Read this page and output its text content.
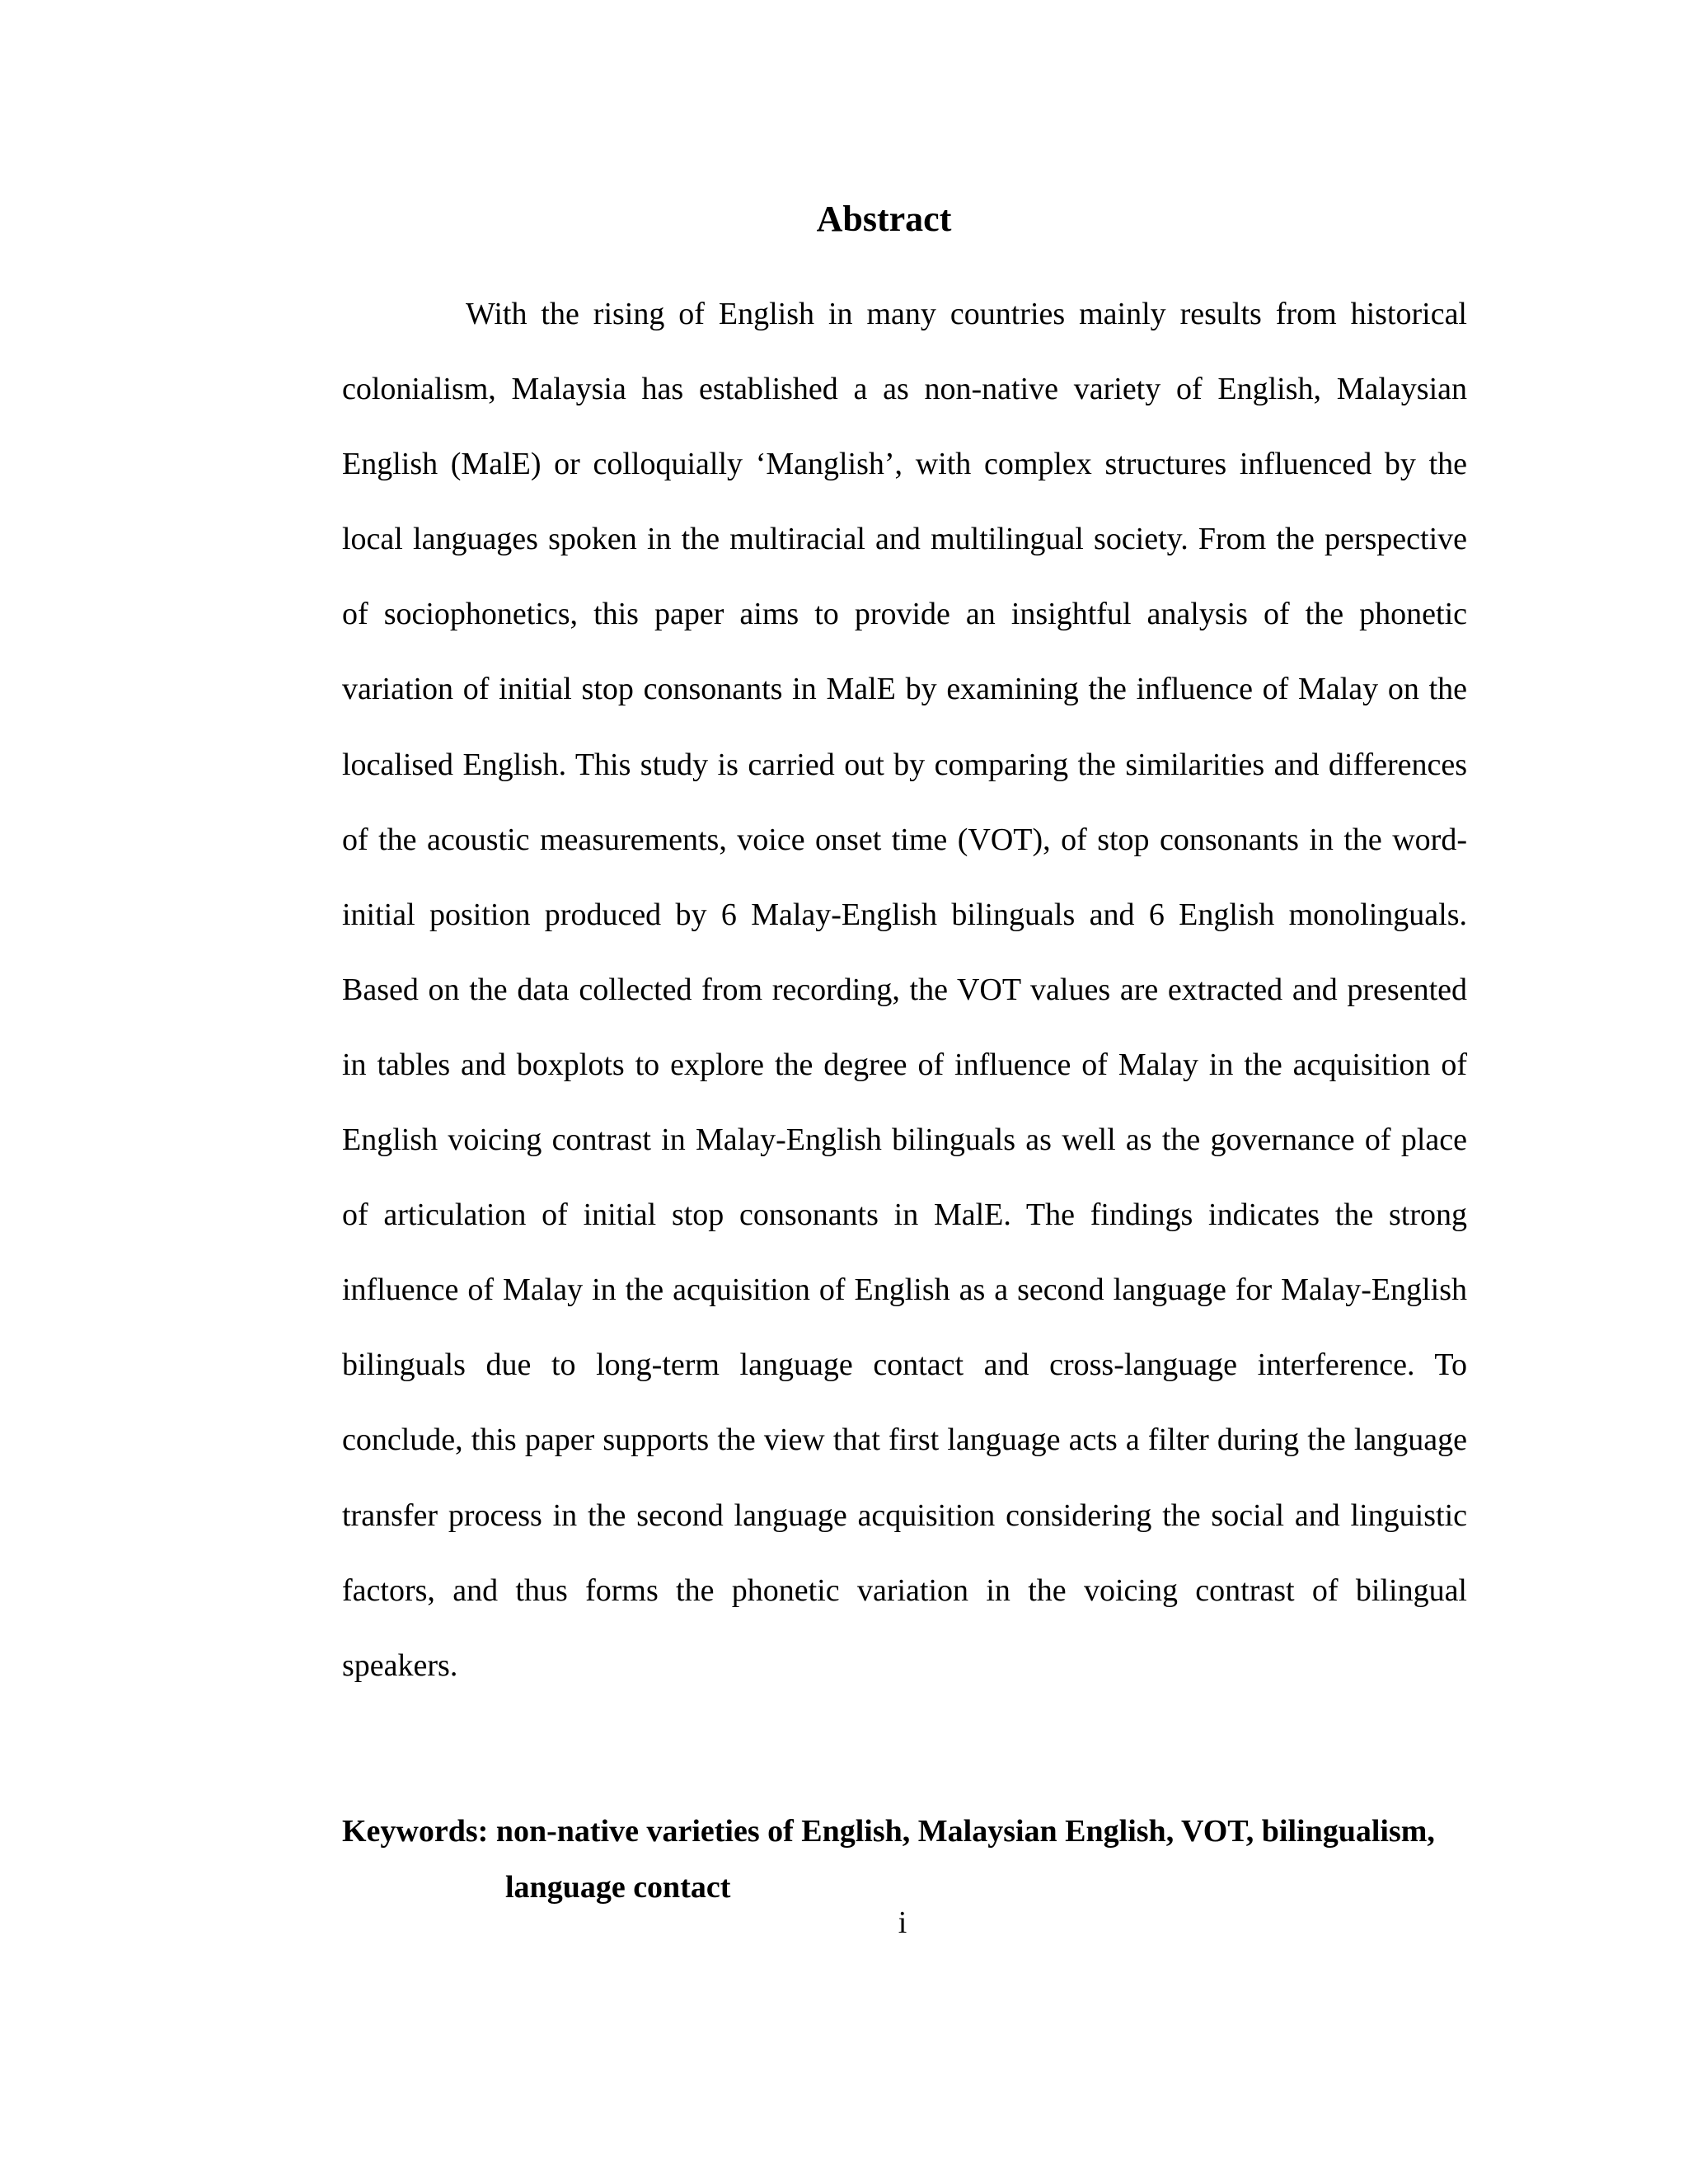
Abstract

With the rising of English in many countries mainly results from historical colonialism, Malaysia has established a as non-native variety of English, Malaysian English (MalE) or colloquially ‘Manglish’, with complex structures influenced by the local languages spoken in the multiracial and multilingual society. From the perspective of sociophonetics, this paper aims to provide an insightful analysis of the phonetic variation of initial stop consonants in MalE by examining the influence of Malay on the localised English. This study is carried out by comparing the similarities and differences of the acoustic measurements, voice onset time (VOT), of stop consonants in the word-initial position produced by 6 Malay-English bilinguals and 6 English monolinguals. Based on the data collected from recording, the VOT values are extracted and presented in tables and boxplots to explore the degree of influence of Malay in the acquisition of English voicing contrast in Malay-English bilinguals as well as the governance of place of articulation of initial stop consonants in MalE. The findings indicates the strong influence of Malay in the acquisition of English as a second language for Malay-English bilinguals due to long-term language contact and cross-language interference. To conclude, this paper supports the view that first language acts a filter during the language transfer process in the second language acquisition considering the social and linguistic factors, and thus forms the phonetic variation in the voicing contrast of bilingual speakers.

Keywords: non-native varieties of English, Malaysian English, VOT, bilingualism,
language contact
i
